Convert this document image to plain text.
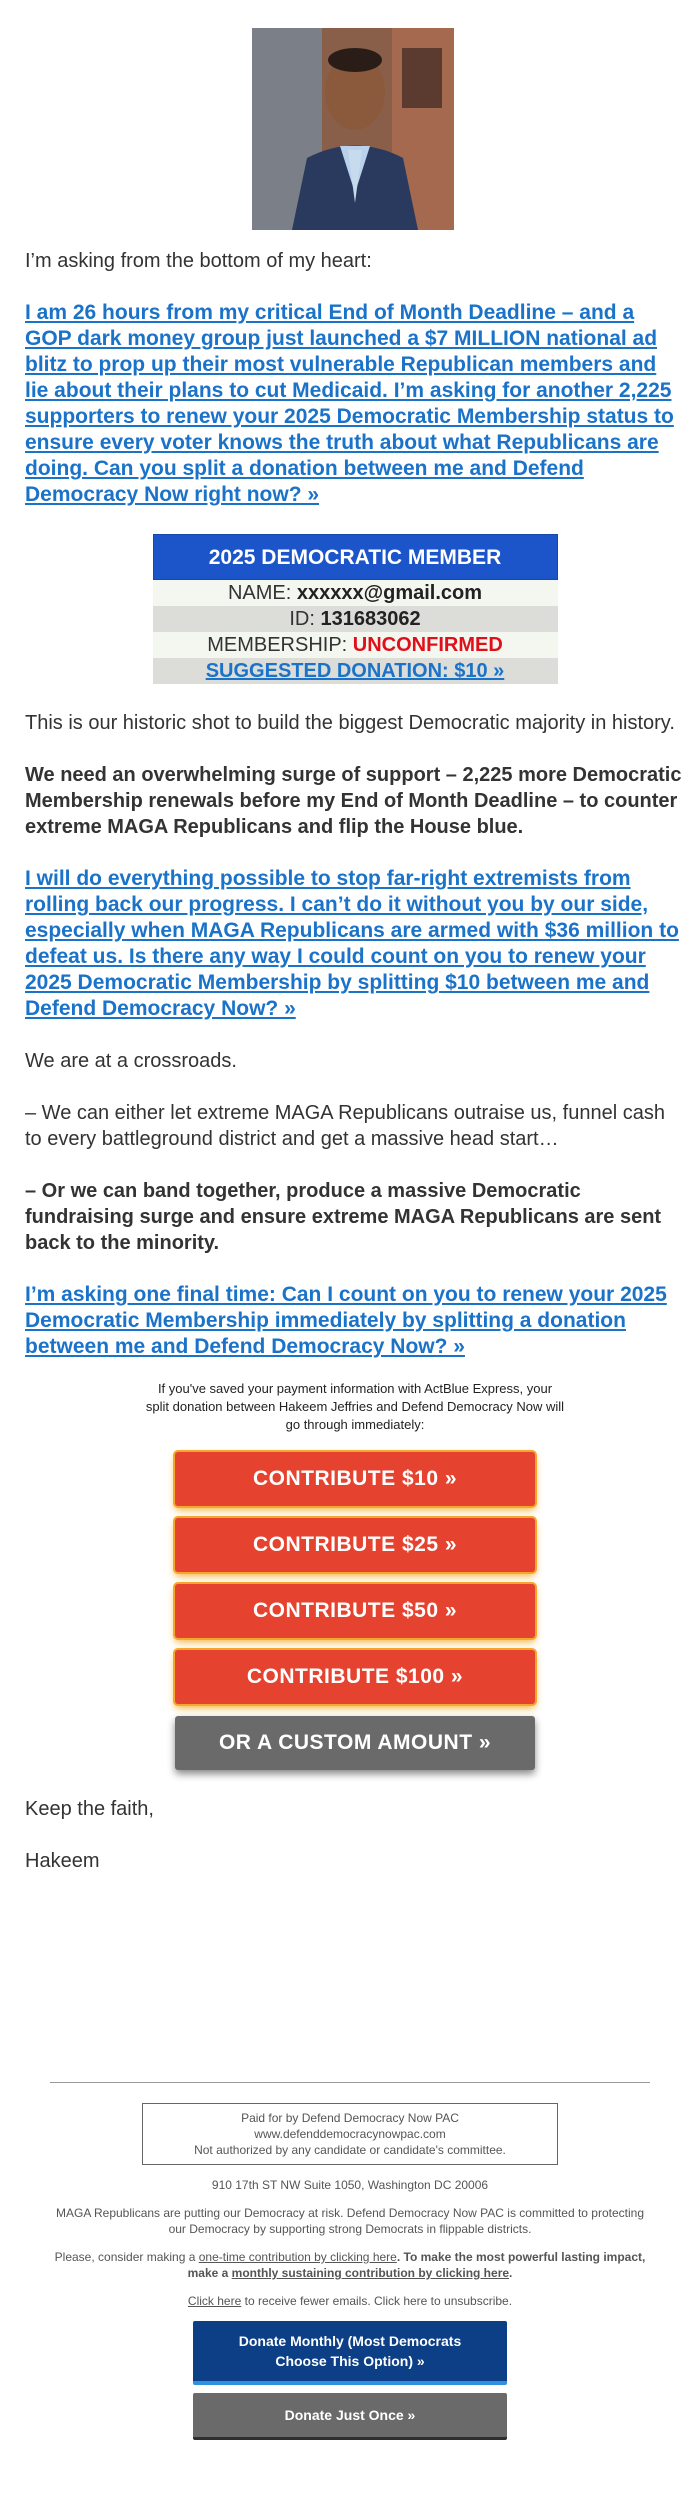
I’m asking from the bottom of my heart:
I am 26 hours from my critical End of Month Deadline – and a GOP dark money group just launched a $7 MILLION national ad blitz to prop up their most vulnerable Republican members and lie about their plans to cut Medicaid. I’m asking for another 2,225 supporters to renew your 2025 Democratic Membership status to ensure every voter knows the truth about what Republicans are doing. Can you split a donation between me and Defend Democracy Now right now? »
2025 DEMOCRATIC MEMBER
NAME: xxxxxx@gmail.com
ID: 131683062
MEMBERSHIP: UNCONFIRMED
SUGGESTED DONATION: $10 »
This is our historic shot to build the biggest Democratic majority in history.
We need an overwhelming surge of support – 2,225 more Democratic Membership renewals before my End of Month Deadline – to counter extreme MAGA Republicans and flip the House blue.
I will do everything possible to stop far-right extremists from rolling back our progress. I can’t do it without you by our side, especially when MAGA Republicans are armed with $36 million to defeat us. Is there any way I could count on you to renew your 2025 Democratic Membership by splitting $10 between me and Defend Democracy Now? »
We are at a crossroads.
– We can either let extreme MAGA Republicans outraise us, funnel cash to every battleground district and get a massive head start…
– Or we can band together, produce a massive Democratic fundraising surge and ensure extreme MAGA Republicans are sent back to the minority.
I’m asking one final time: Can I count on you to renew your 2025 Democratic Membership immediately by splitting a donation between me and Defend Democracy Now? »
If you've saved your payment information with ActBlue Express, your split donation between Hakeem Jeffries and Defend Democracy Now will go through immediately:
CONTRIBUTE $10 »
CONTRIBUTE $25 »
CONTRIBUTE $50 »
CONTRIBUTE $100 »
OR A CUSTOM AMOUNT »
Keep the faith,
Hakeem
Paid for by Defend Democracy Now PAC
www.defenddemocracynowpac.com
Not authorized by any candidate or candidate's committee.
910 17th ST NW Suite 1050, Washington DC 20006
MAGA Republicans are putting our Democracy at risk. Defend Democracy Now PAC is committed to protecting our Democracy by supporting strong Democrats in flippable districts.
Please, consider making a one-time contribution by clicking here. To make the most powerful lasting impact, make a monthly sustaining contribution by clicking here.
Click here to receive fewer emails. Click here to unsubscribe.
Donate Monthly (Most Democrats Choose This Option) »
Donate Just Once »
